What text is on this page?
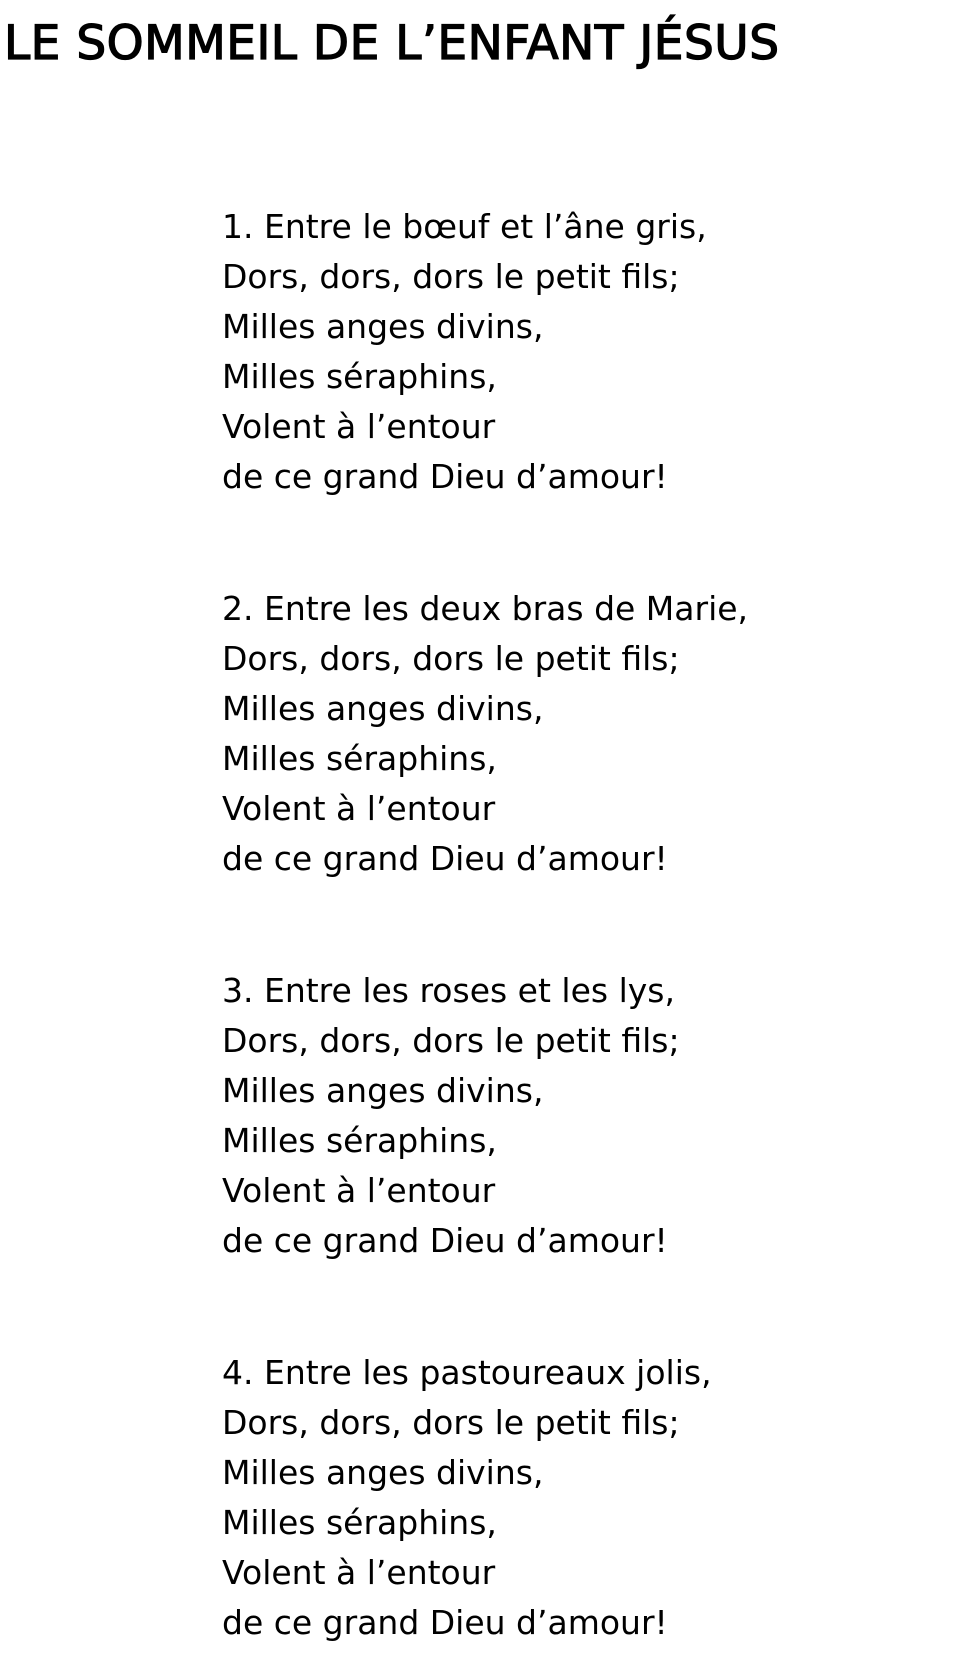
LE SOMMEIL DE L’ENFANT JÉSUS
1. Entre le bœuf et l’âne gris,
Dors, dors, dors le petit fils;
Milles anges divins,
Milles séraphins,
Volent à l’entour
de ce grand Dieu d’amour!
2. Entre les deux bras de Marie,
Dors, dors, dors le petit fils;
Milles anges divins,
Milles séraphins,
Volent à l’entour
de ce grand Dieu d’amour!
3. Entre les roses et les lys,
Dors, dors, dors le petit fils;
Milles anges divins,
Milles séraphins,
Volent à l’entour
de ce grand Dieu d’amour!
4. Entre les pastoureaux jolis,
Dors, dors, dors le petit fils;
Milles anges divins,
Milles séraphins,
Volent à l’entour
de ce grand Dieu d’amour!
